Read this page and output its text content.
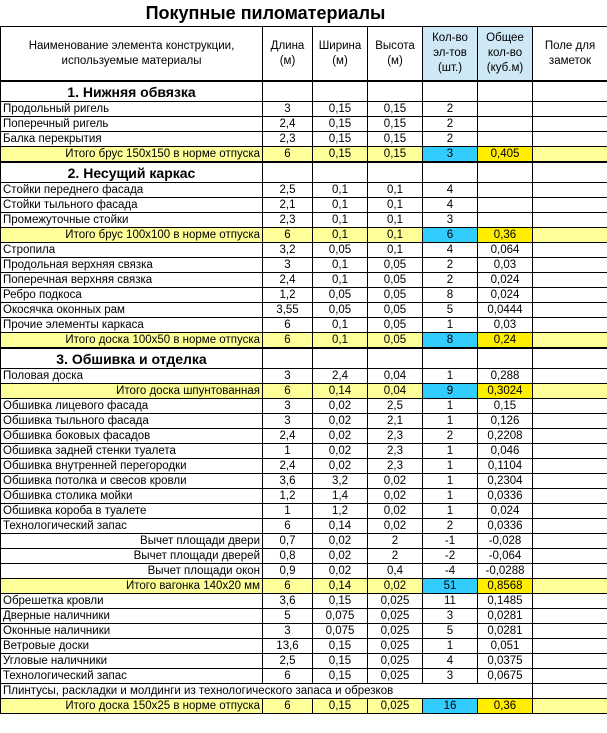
Покупные пиломатериалы
Наименование элемента конструкции, используемые материалы	Длина (м)	Ширина (м)	Высота (м)	Кол-во эл-тов (шт.)	Общее кол-во (куб.м)	Поле для заметок
1. Нижняя обвязка						
Продольный ригель	3	0,15	0,15	2		
Поперечный ригель	2,4	0,15	0,15	2		
Балка перекрытия	2,3	0,15	0,15	2		
Итого брус 150х150 в норме отпуска	6	0,15	0,15	3	0,405	
2. Несущий каркас						
Стойки переднего фасада	2,5	0,1	0,1	4		
Стойки тыльного фасада	2,1	0,1	0,1	4		
Промежуточные стойки	2,3	0,1	0,1	3		
Итого брус 100х100 в норме отпуска	6	0,1	0,1	6	0,36	
Стропила	3,2	0,05	0,1	4	0,064	
Продольная верхняя связка	3	0,1	0,05	2	0,03	
Поперечная верхняя связка	2,4	0,1	0,05	2	0,024	
Ребро подкоса	1,2	0,05	0,05	8	0,024	
Окосячка оконных рам	3,55	0,05	0,05	5	0,0444	
Прочие элементы каркаса	6	0,1	0,05	1	0,03	
Итого доска 100х50 в норме отпуска	6	0,1	0,05	8	0,24	
3. Обшивка и отделка						
Половая доска	3	2,4	0,04	1	0,288	
Итого доска шпунтованная	6	0,14	0,04	9	0,3024	
Обшивка лицевого фасада	3	0,02	2,5	1	0,15	
Обшивка тыльного фасада	3	0,02	2,1	1	0,126	
Обшивка боковых фасадов	2,4	0,02	2,3	2	0,2208	
Обшивка задней стенки туалета	1	0,02	2,3	1	0,046	
Обшивка внутренней перегородки	2,4	0,02	2,3	1	0,1104	
Обшивка потолка и свесов кровли	3,6	3,2	0,02	1	0,2304	
Обшивка столика мойки	1,2	1,4	0,02	1	0,0336	
Обшивка короба в туалете	1	1,2	0,02	1	0,024	
Технологический запас	6	0,14	0,02	2	0,0336	
Вычет площади двери	0,7	0,02	2	-1	-0,028	
Вычет площади дверей	0,8	0,02	2	-2	-0,064	
Вычет площади окон	0,9	0,02	0,4	-4	-0,0288	
Итого вагонка 140х20 мм	6	0,14	0,02	51	0,8568	
Обрешетка кровли	3,6	0,15	0,025	11	0,1485	
Дверные наличники	5	0,075	0,025	3	0,0281	
Оконные наличники	3	0,075	0,025	5	0,0281	
Ветровые доски	13,6	0,15	0,025	1	0,051	
Угловые наличники	2,5	0,15	0,025	4	0,0375	
Технологический запас	6	0,15	0,025	3	0,0675	
Плинтусы, раскладки и молдинги из технологического запаса и обрезков						
Итого доска 150х25 в норме отпуска	6	0,15	0,025	16	0,36	
